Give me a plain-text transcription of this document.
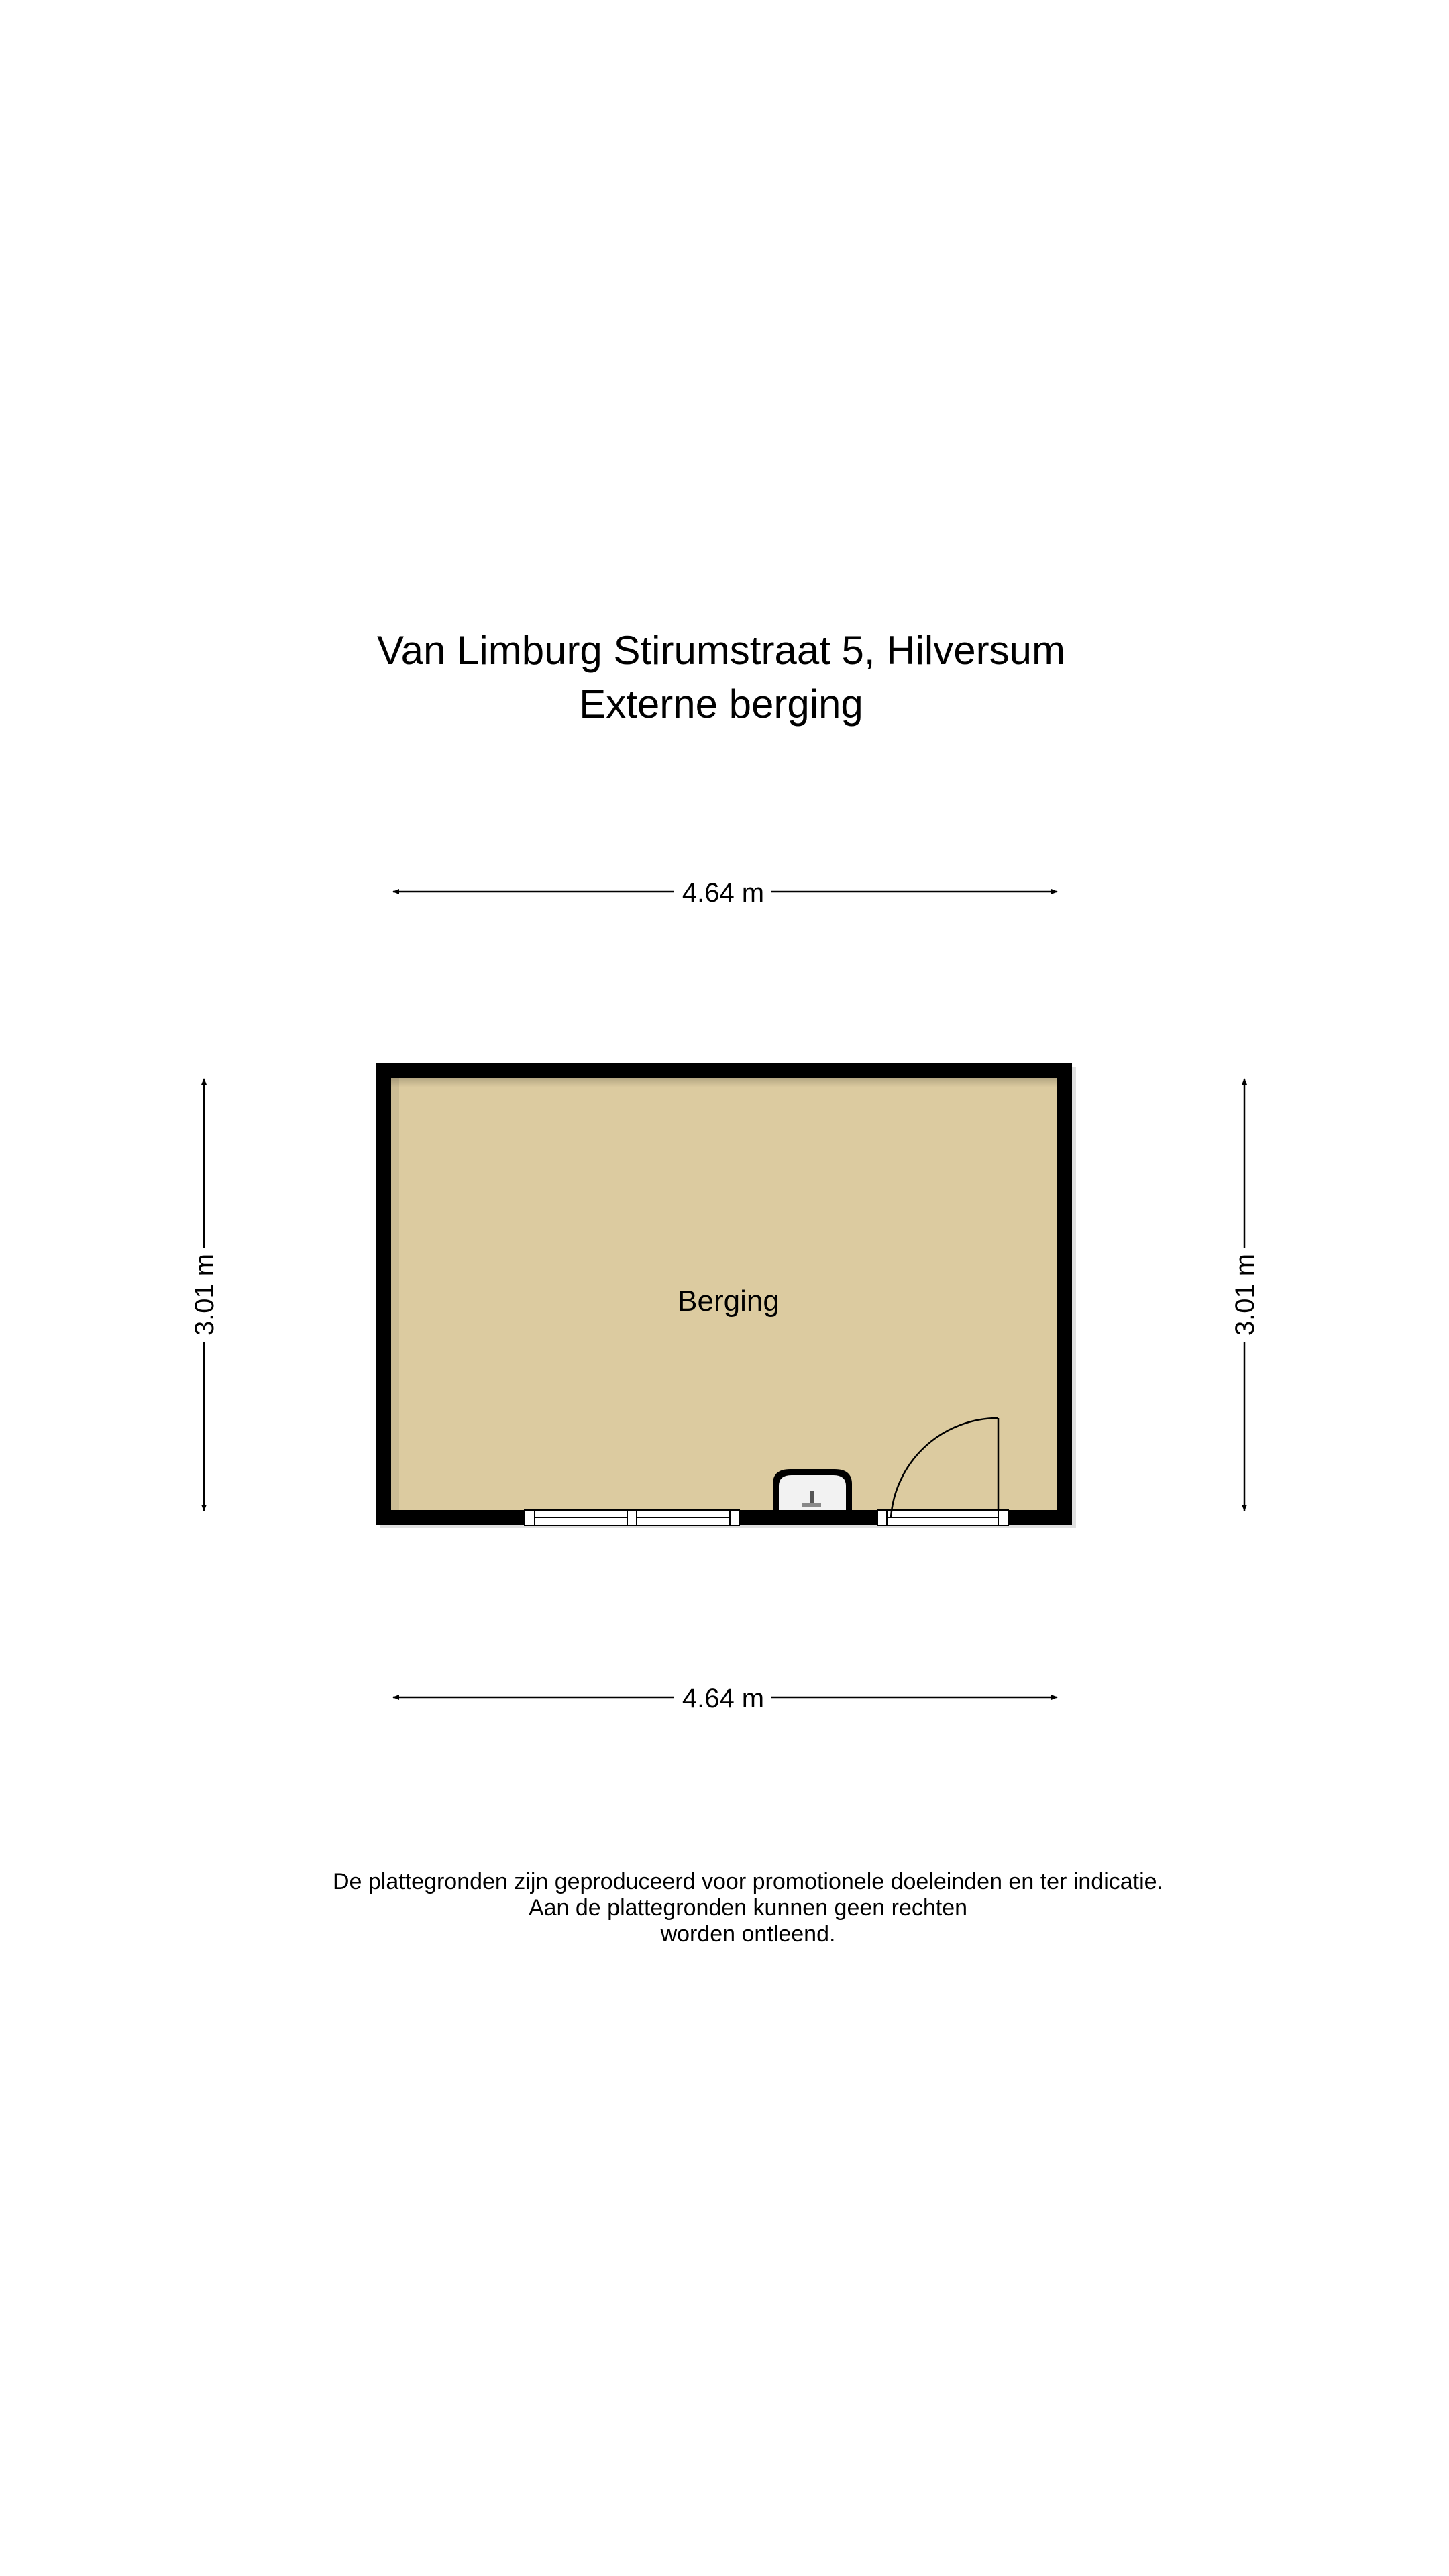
Van Limburg Stirumstraat 5, Hilversum
Externe berging
4.64 m
4.64 m
3.01 m	3.01 m
Berging
De plattegronden zijn geproduceerd voor promotionele doeleinden en ter indicatie.
Aan de plattegronden kunnen geen rechten
worden ontleend.
